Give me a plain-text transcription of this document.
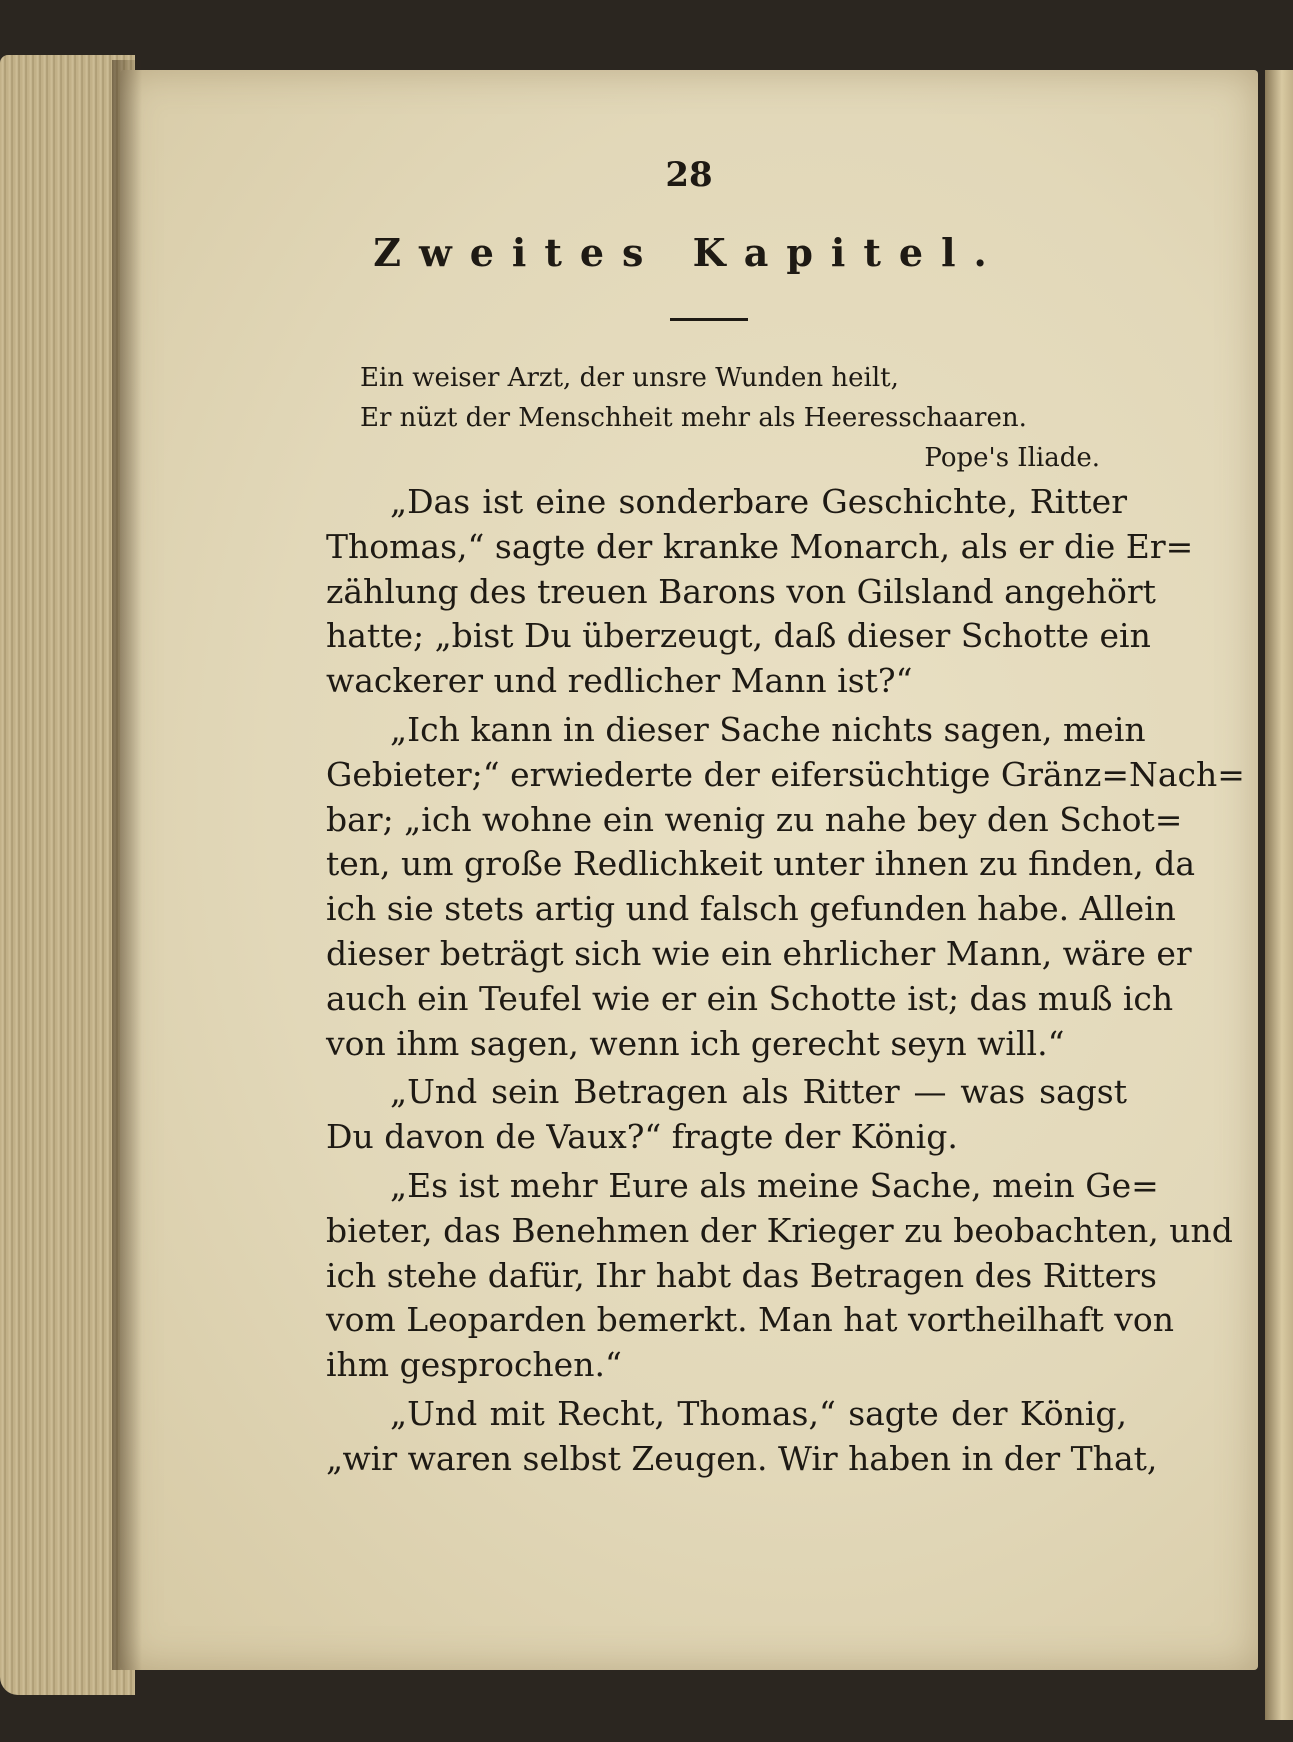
28
Zweites Kapitel.
Ein weiser Arzt, der unsre Wunden heilt,
Er nüzt der Menschheit mehr als Heeresschaaren.
Pope's Iliade.
„Das ist eine sonderbare Geschichte, Ritter
Thomas,“ sagte der kranke Monarch, als er die Er=
zählung des treuen Barons von Gilsland angehört
hatte; „bist Du überzeugt, daß dieser Schotte ein
wackerer und redlicher Mann ist?“
„Ich kann in dieser Sache nichts sagen, mein
Gebieter;“ erwiederte der eifersüchtige Gränz=Nach=
bar; „ich wohne ein wenig zu nahe bey den Schot=
ten, um große Redlichkeit unter ihnen zu finden, da
ich sie stets artig und falsch gefunden habe. Allein
dieser beträgt sich wie ein ehrlicher Mann, wäre er
auch ein Teufel wie er ein Schotte ist; das muß ich
von ihm sagen, wenn ich gerecht seyn will.“
„Und sein Betragen als Ritter — was sagst
Du davon de Vaux?“ fragte der König.
„Es ist mehr Eure als meine Sache, mein Ge=
bieter, das Benehmen der Krieger zu beobachten, und
ich stehe dafür, Ihr habt das Betragen des Ritters
vom Leoparden bemerkt. Man hat vortheilhaft von
ihm gesprochen.“
„Und mit Recht, Thomas,“ sagte der König,
„wir waren selbst Zeugen. Wir haben in der That,
